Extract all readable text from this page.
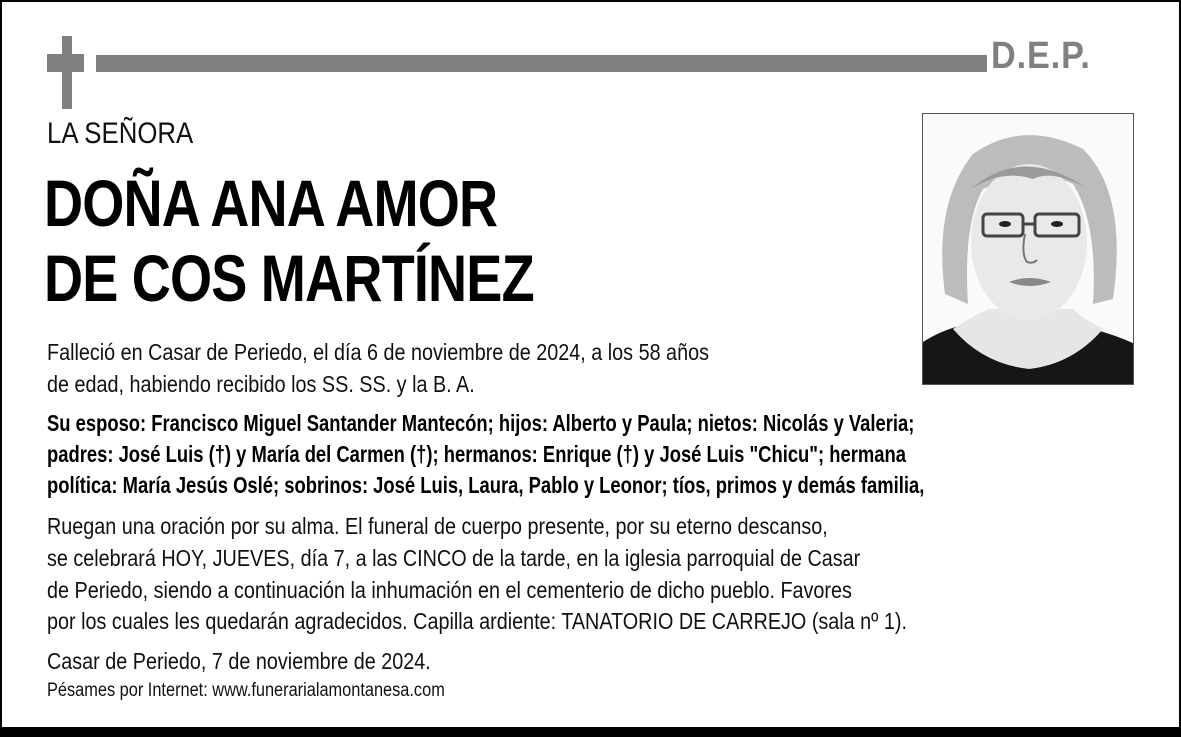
D.E.P.
LA SEÑORA
DOÑA ANA AMOR
DE COS MARTÍNEZ
Falleció en Casar de Periedo, el día 6 de noviembre de 2024, a los 58 años
de edad, habiendo recibido los SS. SS. y la B. A.
Su esposo: Francisco Miguel Santander Mantecón; hijos: Alberto y Paula; nietos: Nicolás y Valeria;
padres: José Luis (†) y María del Carmen (†); hermanos: Enrique (†) y José Luis "Chicu"; hermana
política: María Jesús Oslé; sobrinos: José Luis, Laura, Pablo y Leonor; tíos, primos y demás familia,
Ruegan una oración por su alma. El funeral de cuerpo presente, por su eterno descanso,
se celebrará HOY, JUEVES, día 7, a las CINCO de la tarde, en la iglesia parroquial de Casar
de Periedo, siendo a continuación la inhumación en el cementerio de dicho pueblo. Favores
por los cuales les quedarán agradecidos. Capilla ardiente: TANATORIO DE CARREJO (sala nº 1).
Casar de Periedo, 7 de noviembre de 2024.
Pésames por Internet: www.funerarialamontanesa.com
